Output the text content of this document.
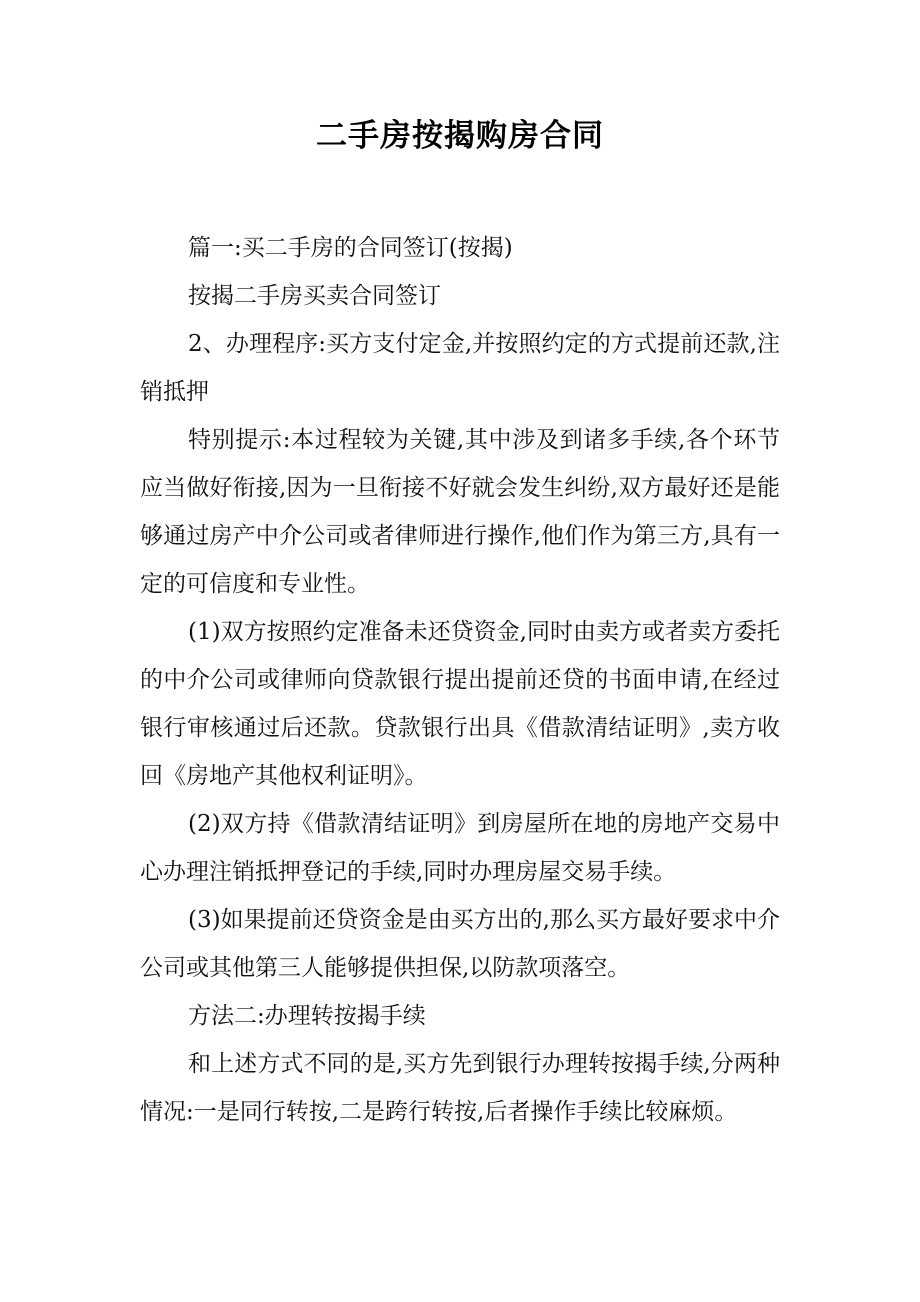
二手房按揭购房合同

篇一:买二手房的合同签订(按揭)

按揭二手房买卖合同签订

2、办理程序:买方支付定金,并按照约定的方式提前还款,注销抵押

特别提示:本过程较为关键,其中涉及到诸多手续,各个环节应当做好衔接,因为一旦衔接不好就会发生纠纷,双方最好还是能够通过房产中介公司或者律师进行操作,他们作为第三方,具有一定的可信度和专业性。

(1)双方按照约定准备未还贷资金,同时由卖方或者卖方委托的中介公司或律师向贷款银行提出提前还贷的书面申请,在经过银行审核通过后还款。贷款银行出具《借款清结证明》,卖方收回《房地产其他权利证明》。

(2)双方持《借款清结证明》到房屋所在地的房地产交易中心办理注销抵押登记的手续,同时办理房屋交易手续。

(3)如果提前还贷资金是由买方出的,那么买方最好要求中介公司或其他第三人能够提供担保,以防款项落空。

方法二:办理转按揭手续

和上述方式不同的是,买方先到银行办理转按揭手续,分两种情况:一是同行转按,二是跨行转按,后者操作手续比较麻烦。
